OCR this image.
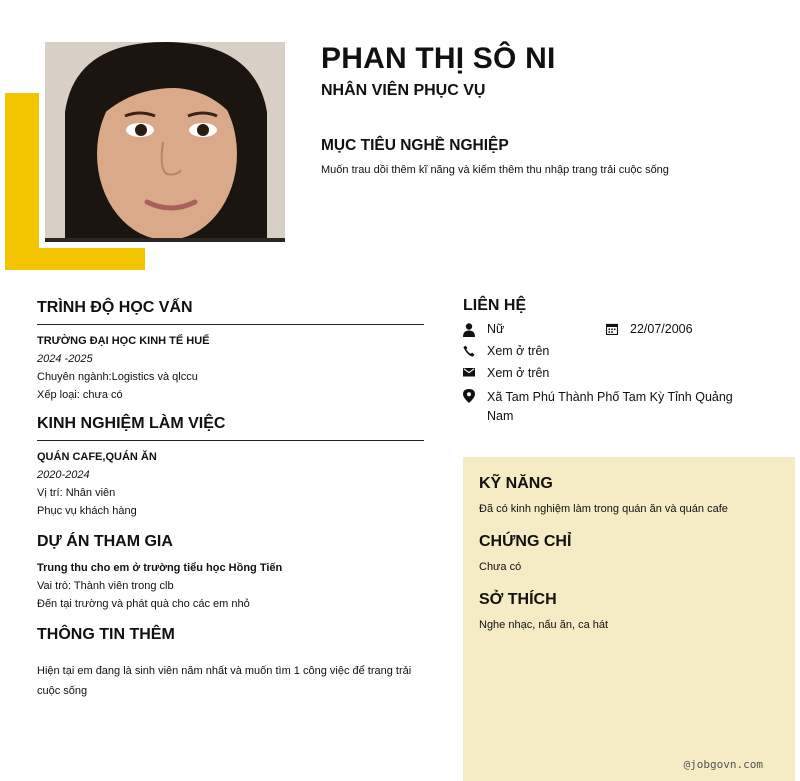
PHAN THỊ SÔ NI
NHÂN VIÊN PHỤC VỤ
MỤC TIÊU NGHỀ NGHIỆP
Muốn trau dồi thêm kĩ năng và kiếm thêm thu nhập trang trải cuộc sống
TRÌNH ĐỘ HỌC VẤN
TRƯỜNG ĐẠI HỌC KINH TẾ HUẾ
2024 -2025
Chuyên ngành:Logistics và qlccu
Xếp loại: chưa có
KINH NGHIỆM LÀM VIỆC
QUÁN CAFE,QUÁN ĂN
2020-2024
Vị trí: Nhân viên
Phục vụ khách hàng
DỰ ÁN THAM GIA
Trung thu cho em ở trường tiểu học Hồng Tiến
Vai trò: Thành viên trong clb
Đến tại trường và phát quà cho các em nhỏ
THÔNG TIN THÊM
Hiện tại em đang là sinh viên năm nhất và muốn tìm 1 công việc để trang trải cuộc sống
LIÊN HỆ
Nữ	22/07/2006
Xem ở trên
Xem ở trên
Xã Tam Phú Thành Phố Tam Kỳ Tỉnh Quảng Nam
KỸ NĂNG
Đã có kinh nghiệm làm trong quán ăn và quán cafe
CHỨNG CHỈ
Chưa có
SỞ THÍCH
Nghe nhạc, nấu ăn, ca hát
@jobgovn.com
